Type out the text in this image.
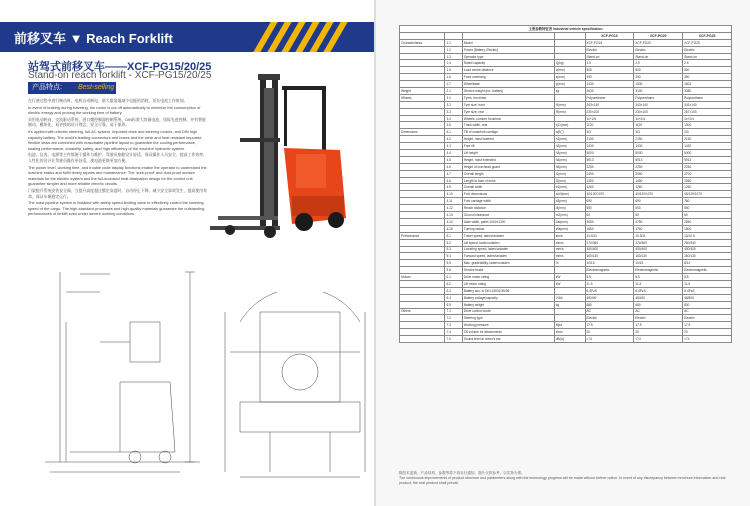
前移叉车 ▼ Reach Forklift
站驾式前移叉车——XCF-PG15/20/25
Stand-on reach forklift - XCF-PG15/20/25
产品特点:	Best-selling

在行驶过程中进行制动时，电机自动断电，最大限度地减少电能的消耗，延长电池工作时间。

In event of braking during traveling, the motor is cut off automatically to minimize the consumption of electric energy and prolong the working time of battery.

采用电动转向、交流驱动系统、进口微控制器控制系统、DIN标准大容量电池，国际先进控制，并有智能制动、模块化、易更换的设计理念，安全可靠，易于保养。

It's applied with electric steering, full-AC system, imported drive and steering motors, and DIN high capacity battery. The world's leading connectors and hoses and the wear and heat resistant imported flexible seals are combined with reasonable pipeline layout to guarantee the cooling performance, sealing performance, durability, safety, and high efficiency of the machine hydraulic system.

电池、仪表、电源等主件都便于操作与维护，驾驶员座舱设计舒适，保证操作人员安全，提高工作效率，人性化的设计让驾驶员操作更舒适，使电池更换更加方便。

The power level, working time, and trouble code display functions enable the operator to understand the machine status and fulfill timely repairs and maintenance. The 'sure-proof' and dust-proof surface materials for the electric system and the full-enclosed heat dissipation design for the control unit guarantee simpler and more reliable electric circuits.

门架提升系统安装安全阀，当提升高度超过额定高度时，自动停止下降，减少安全事故发生，提高使用寿命，保证车辆稳定运行。

The mast pipeline system is installed with safety speed-limiting valve to effectively control the lowering speed of the cargo. The high-standard processes and high-quality materials guarantee the outstanding performances of forklift even under severe working conditions.

主要参数特征表 Industrial vehicle specification						
				XCF-PG15	XCF-PG20	XCF-PG25
Characteristics	1.1	Model		XCF-PG15	XCF-PG20	XCF-PG25
	1.2	Power (Battery, Electric)		Electric	Electric	Electric
	1.3	Operator type		Stand-on	Stand-on	Stand-on
	1.4	Rated capacity	Q(kg)	1.5	2.0	2.5
	1.5	Load centre distance	c(mm)	500	500	500
	1.6	Front overhang	x(mm)	390	390	390
	1.7	Wheelbase	y(mm)	1430	1530	1602
Weight	2.1	Service weight (inc. battery)	kg	2630	3100	3380
Wheels	3.1	Tyres, front/rear		Polyurethane	Polyurethane	Polyurethane
	3.2	Tyre size, front	Φ(mm)	343×140	343×140	343×140
	3.3	Tyre size, rear	Φ(mm)	230×100	230×100	267×100
	3.4	Wheels, number front/rear		1x+2/4	1x+2/4	1x+2/4
	3.5	Track width, rear	b11(mm)	1120	1120	1300
Dimensions	4.1	Tilt of mast/fork carriage	α/β(°)	3/3	3/3	3/3
	4.2	Height, mast lowered	h1(mm)	2150	2150	2150
	4.3	Free lift	h2(mm)	1430	1430	1430
	4.4	Lift height	h3(mm)	5000	5000	5000
	4.5	Height, mast extended	h4(mm)	5913	5913	5913
	4.6	Height of overhead guard	h6(mm)	2250	2250	2250
	4.7	Overall length	l1(mm)	2490	2590	2700
	4.8	Length to face of forks	l2(mm)	1350	1450	1550
	4.9	Overall width	b1(mm)	1260	1260	1260
	4.10	Fork dimensions	s/e/l(mm)	40/120/1070	40/120/1070	45/120/1070
	4.11	Fork carriage width	b3(mm)	690	690	760
	4.12	Reach distance	l4(mm)	550	550	550
	4.13	Ground clearance	m2(mm)	60	60	60
	4.14	Aisle width, pallet 1000×1200	Ast(mm)	2650	2750	2850
	4.15	Turning radius	Wa(mm)	1660	1760	1800
Performance	5.1	Travel speed, laden/unladen	km/h	10.5/11	10.5/11	10/10.5
	5.2	Lift speed, laden/unladen	mm/s	270/360	270/360	250/340
	5.3	Lowering speed, laden/unladen	mm/s	450/400	450/400	450/400
	5.4	Forward speed, laden/unladen	mm/s	160/130	160/130	160/130
	5.5	Max. gradeability, laden/unladen	%	10/15	10/15	8/12
	5.6	Service brake		Electromagnetic	Electromagnetic	Electromagnetic
Motors	6.1	Drive motor rating	kW	5.5	5.5	5.5
	6.2	Lift motor rating	kW	11.5	11.5	11.5
	6.3	Battery acc. to DIN 43531/35/36		6-4PzS	6-4PzS	6-4PzS
	6.4	Battery voltage/capacity	V/Ah	48/400	48/400	48/500
	6.5	Battery weight	kg	680	680	830
Others	7.1	Drive control mode		AC	AC	AC
	7.2	Steering type		Electric	Electric	Electric
	7.3	Working pressure	Mpa	17.5	17.5	17.5
	7.4	Oil volume for attachments	l/min	20	20	20
	7.5	Sound level at driver's ear	dB(A)	<74	<74	<74
随技术更新，产品结构、参数等将不再另行通知，图片仅供参考，以实物为准。
The continuous improvements of product structure and parameters along with the technology progress will be made without further notice. In event of any discrepancy between brochure information and real product, the real product shall prevail.
